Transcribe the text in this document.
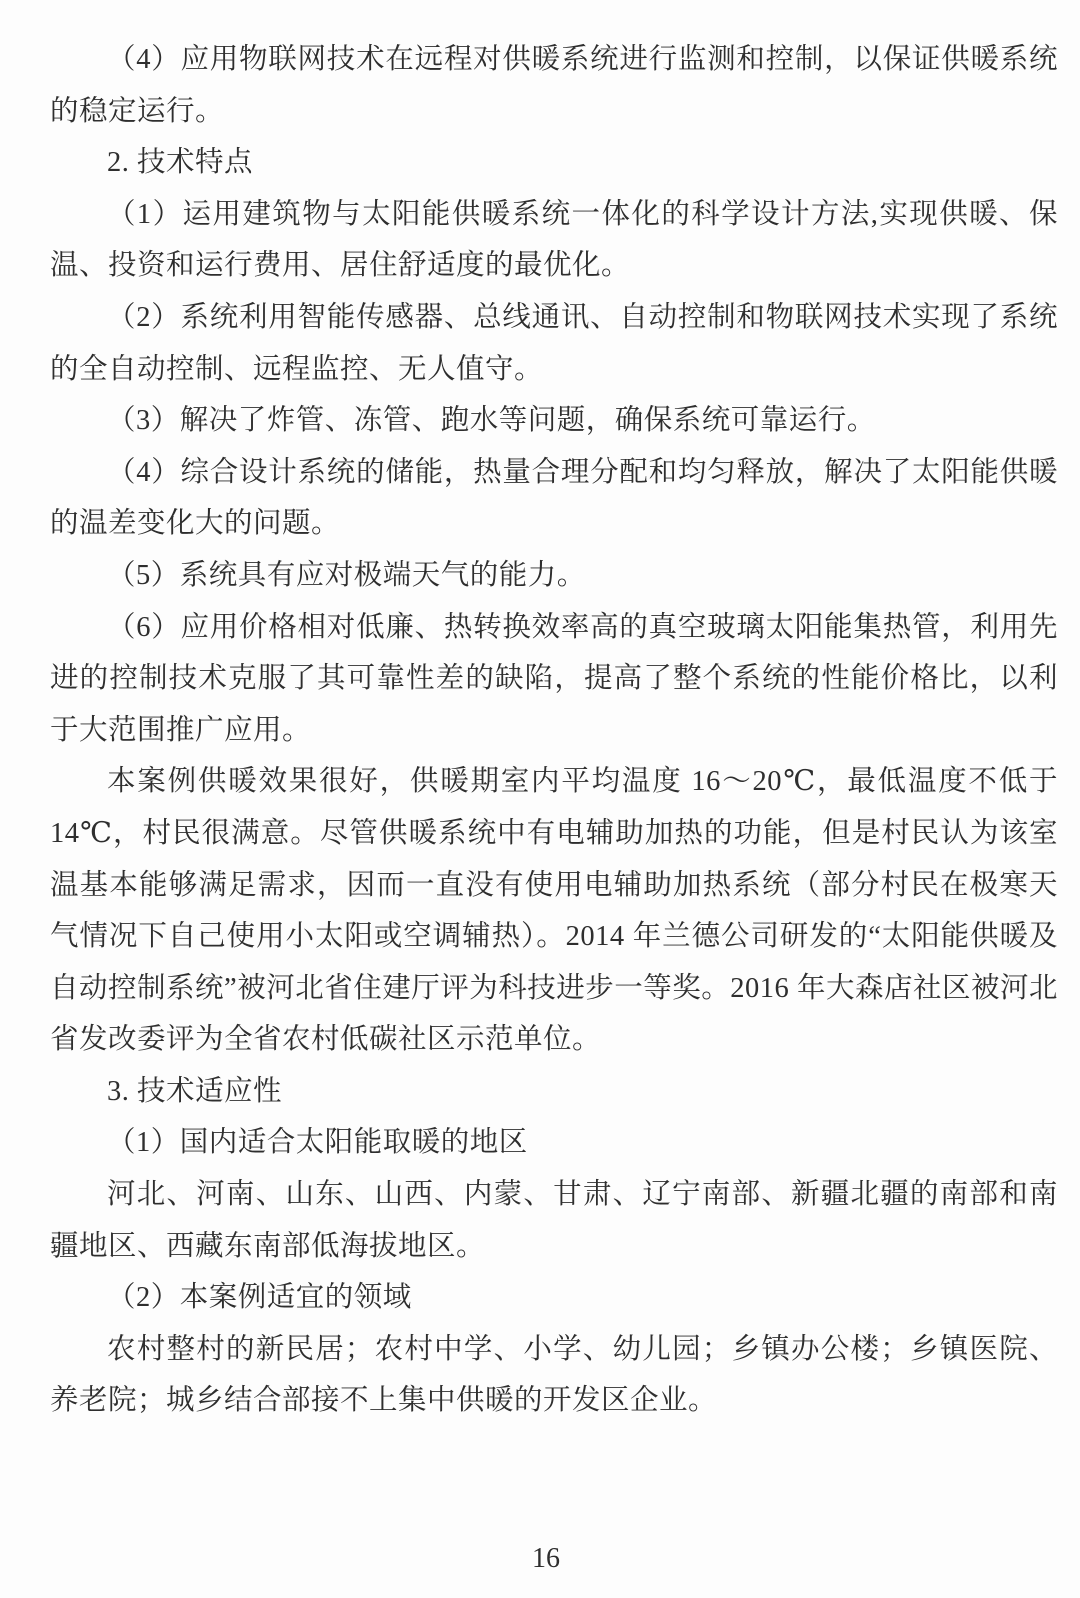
（4）应用物联网技术在远程对供暖系统进行监测和控制，以保证供暖系统的稳定运行。

2. 技术特点

（1）运用建筑物与太阳能供暖系统一体化的科学设计方法,实现供暖、保温、投资和运行费用、居住舒适度的最优化。

（2）系统利用智能传感器、总线通讯、自动控制和物联网技术实现了系统的全自动控制、远程监控、无人值守。

（3）解决了炸管、冻管、跑水等问题，确保系统可靠运行。

（4）综合设计系统的储能，热量合理分配和均匀释放，解决了太阳能供暖的温差变化大的问题。

（5）系统具有应对极端天气的能力。

（6）应用价格相对低廉、热转换效率高的真空玻璃太阳能集热管，利用先进的控制技术克服了其可靠性差的缺陷，提高了整个系统的性能价格比，以利于大范围推广应用。

本案例供暖效果很好，供暖期室内平均温度 16～20℃，最低温度不低于 14℃，村民很满意。尽管供暖系统中有电辅助加热的功能，但是村民认为该室温基本能够满足需求，因而一直没有使用电辅助加热系统（部分村民在极寒天气情况下自己使用小太阳或空调辅热）。2014 年兰德公司研发的“太阳能供暖及自动控制系统”被河北省住建厅评为科技进步一等奖。2016 年大森店社区被河北省发改委评为全省农村低碳社区示范单位。

3. 技术适应性

（1）国内适合太阳能取暖的地区

河北、河南、山东、山西、内蒙、甘肃、辽宁南部、新疆北疆的南部和南疆地区、西藏东南部低海拔地区。

（2）本案例适宜的领域

农村整村的新民居；农村中学、小学、幼儿园；乡镇办公楼；乡镇医院、养老院；城乡结合部接不上集中供暖的开发区企业。

16
